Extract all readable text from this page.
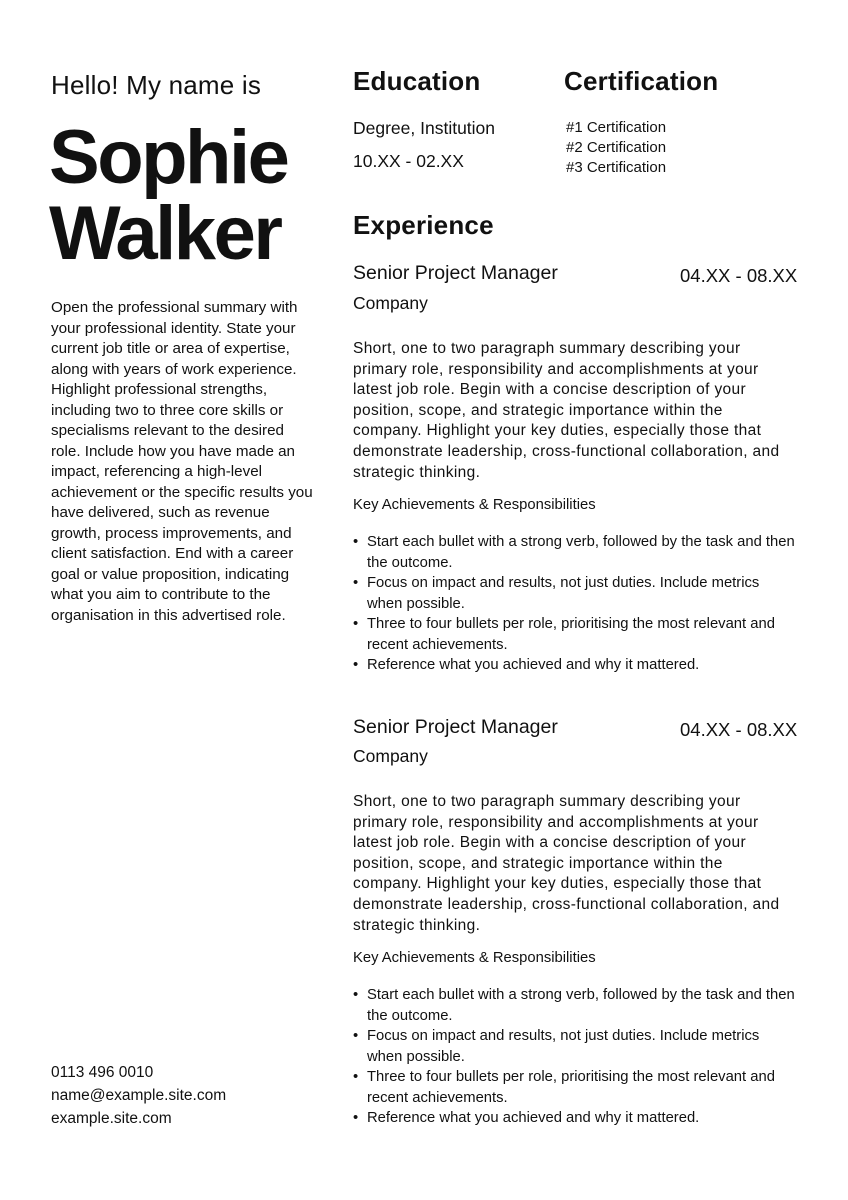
Hello! My name is
Sophie
Walker

Open the professional summary with your professional identity. State your current job title or area of expertise, along with years of work experience. Highlight professional strengths, including two to three core skills or specialisms relevant to the desired role. Include how you have made an impact, referencing a high-level achievement or the specific results you have delivered, such as revenue growth, process improvements, and client satisfaction. End with a career goal or value proposition, indicating what you aim to contribute to the organisation in this advertised role.

0113 496 0010
name@example.site.com
example.site.com
Education

Degree, Institution

10.XX - 02.XX

Certification
#1 Certification
#2 Certification
#3 Certification
Experience

Senior Project Manager	04.XX - 08.XX

Company

Short, one to two paragraph summary describing your primary role, responsibility and accomplishments at your latest job role. Begin with a concise description of your position, scope, and strategic importance within the company. Highlight your key duties, especially those that demonstrate leadership, cross-functional collaboration, and strategic thinking.

Key Achievements & Responsibilities

• Start each bullet with a strong verb, followed by the task and then the outcome.
• Focus on impact and results, not just duties. Include metrics when possible.
• Three to four bullets per role, prioritising the most relevant and recent achievements.
• Reference what you achieved and why it mattered.

Senior Project Manager	04.XX - 08.XX

Company

Short, one to two paragraph summary describing your primary role, responsibility and accomplishments at your latest job role. Begin with a concise description of your position, scope, and strategic importance within the company. Highlight your key duties, especially those that demonstrate leadership, cross-functional collaboration, and strategic thinking.

Key Achievements & Responsibilities

• Start each bullet with a strong verb, followed by the task and then the outcome.
• Focus on impact and results, not just duties. Include metrics when possible.
• Three to four bullets per role, prioritising the most relevant and recent achievements.
• Reference what you achieved and why it mattered.
